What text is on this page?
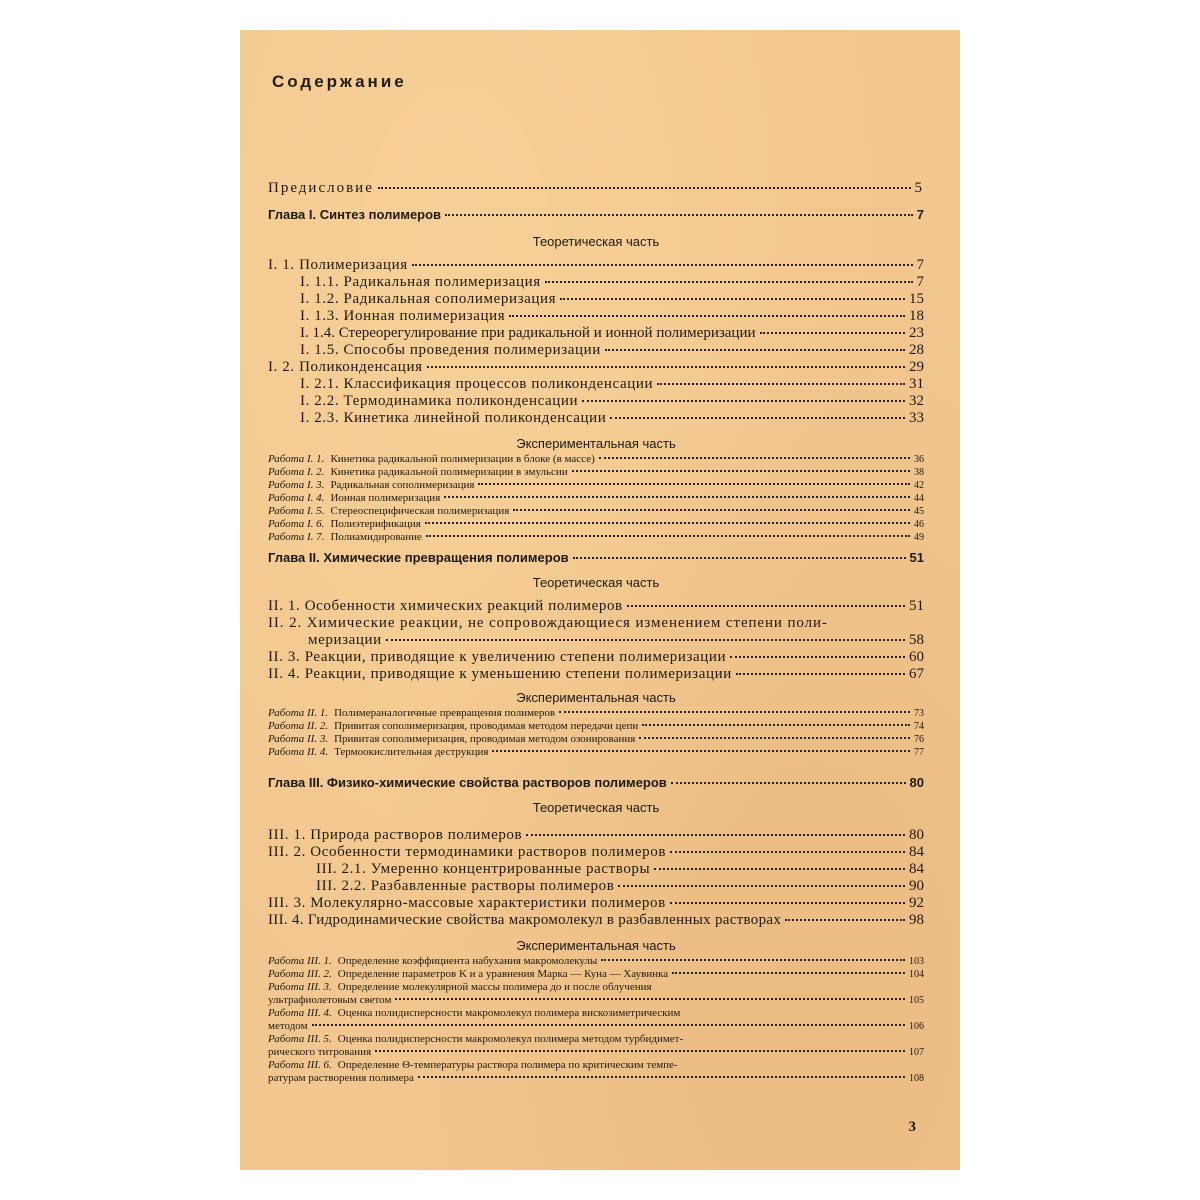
Содержание
Предисловие	5
Глава I. Синтез полимеров	7
Теоретическая часть
I. 1. Полимеризация	7
I. 1.1. Радикальная полимеризация	7
I. 1.2. Радикальная сополимеризация	15
I. 1.3. Ионная полимеризация	18
I. 1.4. Стереорегулирование при радикальной и ионной полимеризации	23
I. 1.5. Способы проведения полимеризации	28
I. 2. Поликонденсация	29
I. 2.1. Классификация процессов поликонденсации	31
I. 2.2. Термодинамика поликонденсации	32
I. 2.3. Кинетика линейной поликонденсации	33
Экспериментальная часть
Работа I. 1. Кинетика радикальной полимеризации в блоке (в массе)	36
Работа I. 2. Кинетика радикальной полимеризации в эмульсии	38
Работа I. 3. Радикальная сополимеризация	42
Работа I. 4. Ионная полимеризация	44
Работа I. 5. Стереоспецифическая полимеризация	45
Работа I. 6. Полиэтерификация	46
Работа I. 7. Полиамидирование	49
Глава II. Химические превращения полимеров	51
Теоретическая часть
II. 1. Особенности химических реакций полимеров	51
II. 2. Химические реакции, не сопровождающиеся изменением степени поли-
меризации	58
II. 3. Реакции, приводящие к увеличению степени полимеризации	60
II. 4. Реакции, приводящие к уменьшению степени полимеризации	67
Экспериментальная часть
Работа II. 1. Полимераналогичные превращения полимеров	73
Работа II. 2. Привитая сополимеризация, проводимая методом передачи цепи	74
Работа II. 3. Привитая сополимеризация, проводимая методом озонирования	76
Работа II. 4. Термоокислительная деструкция	77
Глава III. Физико-химические свойства растворов полимеров	80
Теоретическая часть
III. 1. Природа растворов полимеров	80
III. 2. Особенности термодинамики растворов полимеров	84
III. 2.1. Умеренно концентрированные растворы	84
III. 2.2. Разбавленные растворы полимеров	90
III. 3. Молекулярно-массовые характеристики полимеров	92
III. 4. Гидродинамические свойства макромолекул в разбавленных растворах	98
Экспериментальная часть
Работа III. 1. Определение коэффициента набухания макромолекулы	103
Работа III. 2. Определение параметров K и a уравнения Марка — Куна — Хаувинка	104
Работа III. 3. Определение молекулярной массы полимера до и после облучения
ультрафиолетовым светом	105
Работа III. 4. Оценка полидисперсности макромолекул полимера вискозиметрическим
методом	106
Работа III. 5. Оценка полидисперсности макромолекул полимера методом турбидимет-
рического титрования	107
Работа III. 6. Определение Θ-температуры раствора полимера по критическим темпе-
ратурам растворения полимера	108
3
